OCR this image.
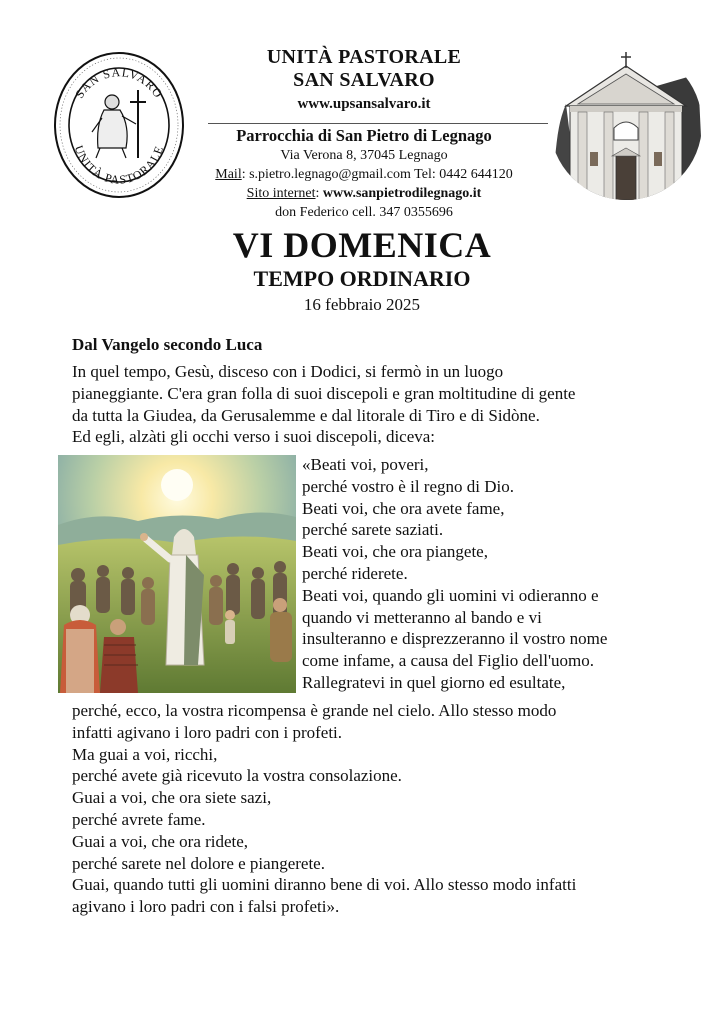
SAN SALVARO
UNITÀ PASTORALE
UNITÀ PASTORALE
SAN SALVARO
www.upsansalvaro.it
Parrocchia di San Pietro di Legnago
Via Verona 8, 37045 Legnago
Mail: s.pietro.legnago@gmail.com Tel: 0442 644120
Sito internet: www.sanpietrodilegnago.it
don Federico cell. 347 0355696
VI DOMENICA
TEMPO ORDINARIO
16 febbraio 2025
Dal Vangelo secondo Luca

In quel tempo, Gesù, disceso con i Dodici, si fermò in un luogo

pianeggiante. C'era gran folla di suoi discepoli e gran moltitudine di gente

da tutta la Giudea, da Gerusalemme e dal litorale di Tiro e di Sidòne.

Ed egli, alzàti gli occhi verso i suoi discepoli, diceva:

«Beati voi, poveri,

perché vostro è il regno di Dio.

Beati voi, che ora avete fame,

perché sarete saziati.

Beati voi, che ora piangete,

perché riderete.

Beati voi, quando gli uomini vi odieranno e

quando vi metteranno al bando e vi

insulteranno e disprezzeranno il vostro nome

come infame, a causa del Figlio dell'uomo.

Rallegratevi in quel giorno ed esultate,

perché, ecco, la vostra ricompensa è grande nel cielo. Allo stesso modo

infatti agivano i loro padri con i profeti.

Ma guai a voi, ricchi,

perché avete già ricevuto la vostra consolazione.

Guai a voi, che ora siete sazi,

perché avrete fame.

Guai a voi, che ora ridete,

perché sarete nel dolore e piangerete.

Guai, quando tutti gli uomini diranno bene di voi. Allo stesso modo infatti

agivano i loro padri con i falsi profeti».
